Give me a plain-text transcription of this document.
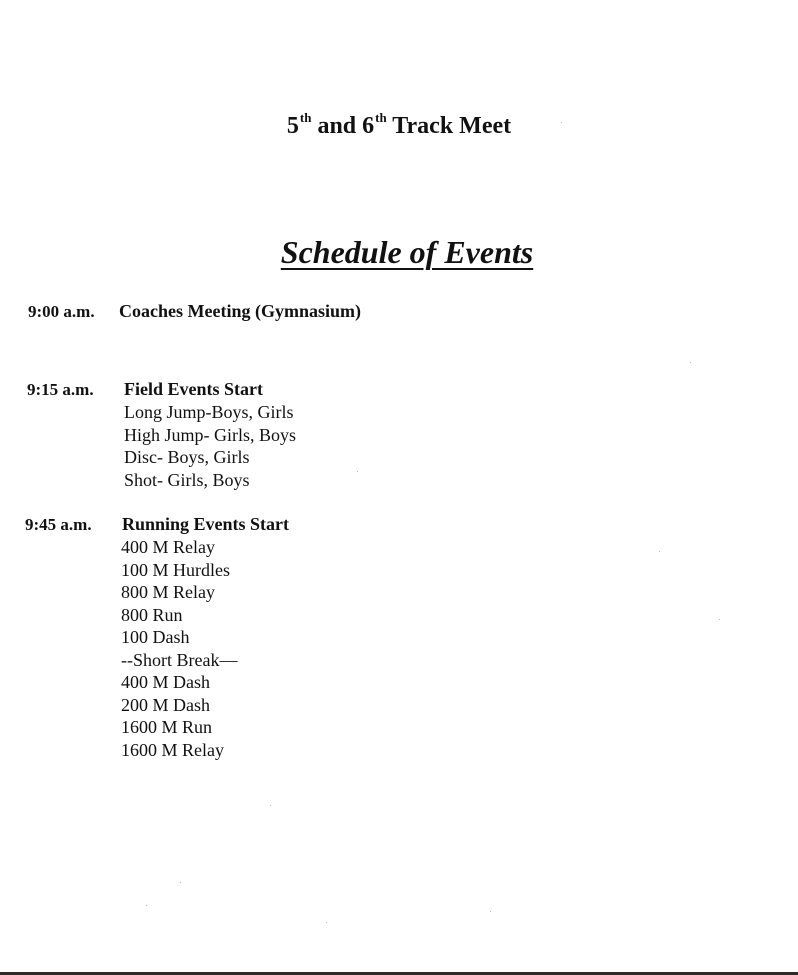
5th and 6th Track Meet
Schedule of Events
9:00 a.m. Coaches Meeting (Gymnasium)
9:15 a.m. Field Events Start
Long Jump-Boys, Girls
High Jump- Girls, Boys
Disc- Boys, Girls
Shot- Girls, Boys
9:45 a.m. Running Events Start
400 M Relay
100 M Hurdles
800 M Relay
800 Run
100 Dash
--Short Break—
400 M Dash
200 M Dash
1600 M Run
1600 M Relay
